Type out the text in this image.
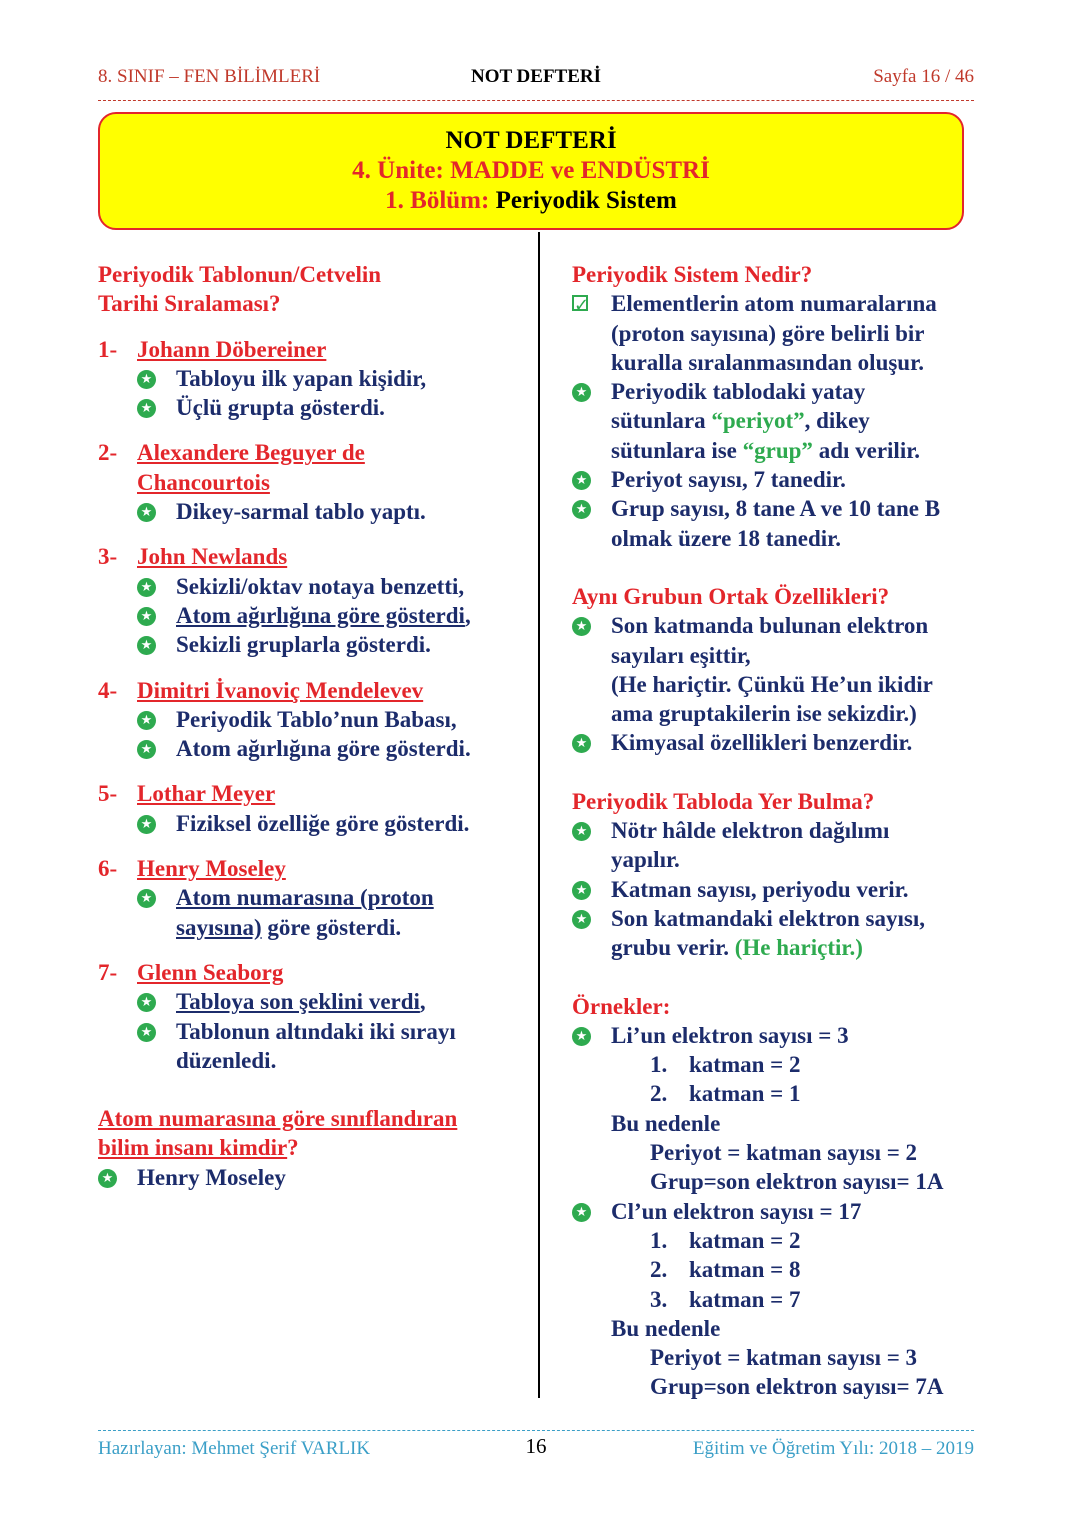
8. SINIF – FEN BİLİMLERİ	NOT DEFTERİ	Sayfa 16 / 46
NOT DEFTERİ
4. Ünite: MADDE ve ENDÜSTRİ
1. Bölüm: Periyodik Sistem
Periyodik Tablonun/Cetvelin
Tarihi Sıralaması?
1- Johann Döbereiner
★
Tabloyu ilk yapan kişidir,
★
Üçlü grupta gösterdi.
2- Alexandere Beguyer de
Chancourtois
★
Dikey-sarmal tablo yaptı.
3- John Newlands
★
Sekizli/oktav notaya benzetti,
★
Atom ağırlığına göre gösterdi,
★
Sekizli gruplarla gösterdi.
4- Dimitri İvanoviç Mendelevev
★
Periyodik Tablo’nun Babası,
★
Atom ağırlığına göre gösterdi.
5- Lothar Meyer
★
Fiziksel özelliğe göre gösterdi.
6- Henry Moseley
★
Atom numarasına (proton
sayısına) göre gösterdi.
7- Glenn Seaborg
★
Tabloya son şeklini verdi,
★
Tablonun altındaki iki sırayı
düzenledi.
Atom numarasına göre sınıflandıran
bilim insanı kimdir?
★
Henry Moseley
Periyodik Sistem Nedir?
✓
Elementlerin atom numaralarına
(proton sayısına) göre belirli bir
kuralla sıralanmasından oluşur.
★
Periyodik tablodaki yatay
sütunlara “periyot”, dikey
sütunlara ise “grup” adı verilir.
★
Periyot sayısı, 7 tanedir.
★
Grup sayısı, 8 tane A ve 10 tane B
olmak üzere 18 tanedir.
Aynı Grubun Ortak Özellikleri?
★
Son katmanda bulunan elektron
sayıları eşittir,
(He hariçtir. Çünkü He’un ikidir
ama gruptakilerin ise sekizdir.)
★
Kimyasal özellikleri benzerdir.
Periyodik Tabloda Yer Bulma?
★
Nötr hâlde elektron dağılımı
yapılır.
★
Katman sayısı, periyodu verir.
★
Son katmandaki elektron sayısı,
grubu verir. (He hariçtir.)
Örnekler:
★
Li’un elektron sayısı = 3
1. katman = 2
2. katman = 1
Bu nedenle
Periyot = katman sayısı = 2
Grup=son elektron sayısı= 1A
★
Cl’un elektron sayısı = 17
1. katman = 2
2. katman = 8
3. katman = 7
Bu nedenle
Periyot = katman sayısı = 3
Grup=son elektron sayısı= 7A
Hazırlayan: Mehmet Şerif VARLIK	16	Eğitim ve Öğretim Yılı: 2018 – 2019
